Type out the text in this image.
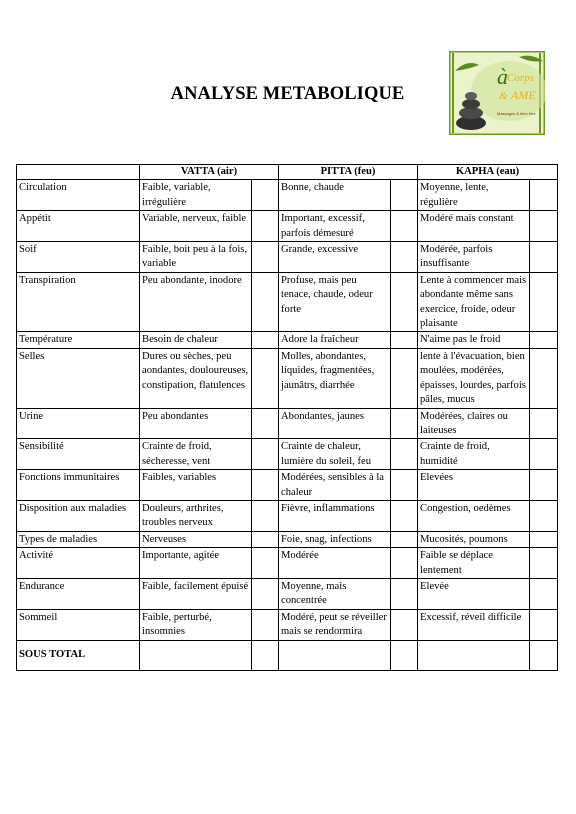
ANALYSE METABOLIQUE
à Corps
& AME
Massages & bien être
	VATTA (air)		PITTA (feu)		KAPHA (eau)	
Circulation	Faible, variable, irrégulière		Bonne, chaude		Moyenne, lente, régulière	
Appétit	Variable, nerveux, faible		Important, excessif, parfois démesuré		Modéré mais constant	
Soif	Faible, boit peu à la fois, variable		Grande, excessive		Modérée, parfois insuffisante	
Transpiration	Peu abondante, inodore		Profuse, mais peu tenace, chaude, odeur forte		Lente à commencer mais abondante même sans exercice, froide, odeur plaisante	
Température	Besoin de chaleur		Adore la fraîcheur		N'aime pas le froid	
Selles	Dures ou sèches, peu aondantes, douloureuses, constipation, flatulences		Molles, abondantes, liquides, fragmentées, jaunâtrs, diarrhée		lente à l'évacuation, bien moulées, modérées, épaisses, lourdes, parfois pâles, mucus	
Urine	Peu abondantes		Abondantes, jaunes		Modérées, claires ou laiteuses	
Sensibilité	Crainte de froid, sécheresse, vent		Crainte de chaleur, lumière du soleil, feu		Crainte de froid, humidité	
Fonctions immunitaires	Faibles, variables		Modérées, sensibles à la chaleur		Elevées	
Disposition aux maladies	Douleurs, arthrites, troubles nerveux		Fièvre, inflammations		Congestion, oedèmes	
Types de maladies	Nerveuses		Foie, snag, infections		Mucosités, poumons	
Activité	Importante, agitée		Modérée		Faible se déplace lentement	
Endurance	Faible, facilement épuisé		Moyenne, mais concentrée		Elevée	
Sommeil	Faible, perturbé, insomnies		Modéré, peut se réveiller mais se rendormira		Excessif, réveil difficile	
SOUS TOTAL						
